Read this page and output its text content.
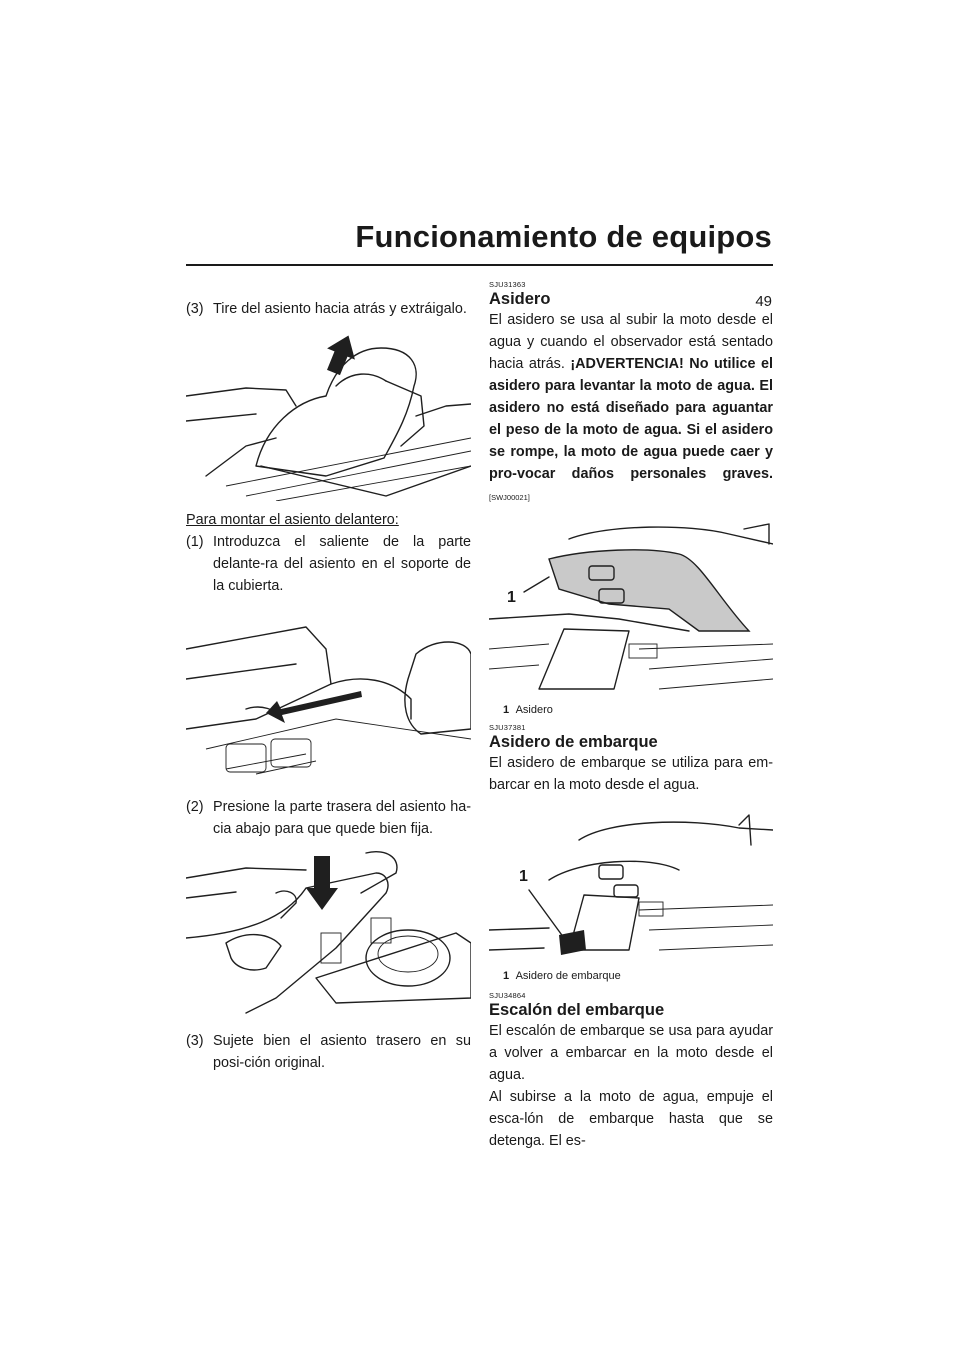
Funcionamiento de equipos
49

(3) Tire del asiento hacia atrás y extráigalo.

Para montar el asiento delantero:

(1) Introduzca el saliente de la parte delante-ra del asiento en el soporte de la cubierta.

(2) Presione la parte trasera del asiento ha-cia abajo para que quede bien fija.

(3) Sujete bien el asiento trasero en su posi-ción original.

SJU31363
Asidero

El asidero se usa al subir la moto desde el agua y cuando el observador está sentado hacia atrás. ¡ADVERTENCIA! No utilice el asidero para levantar la moto de agua. El asidero no está diseñado para aguantar el peso de la moto de agua. Si el asidero se rompe, la moto de agua puede caer y pro-vocar daños personales graves. [SWJ00021]

1
1 Asidero
SJU37381
Asidero de embarque

El asidero de embarque se utiliza para em-barcar en la moto desde el agua.

1
1 Asidero de embarque
SJU34864
Escalón del embarque

El escalón de embarque se usa para ayudar a volver a embarcar en la moto desde el agua.

Al subirse a la moto de agua, empuje el esca-lón de embarque hasta que se detenga. El es-
